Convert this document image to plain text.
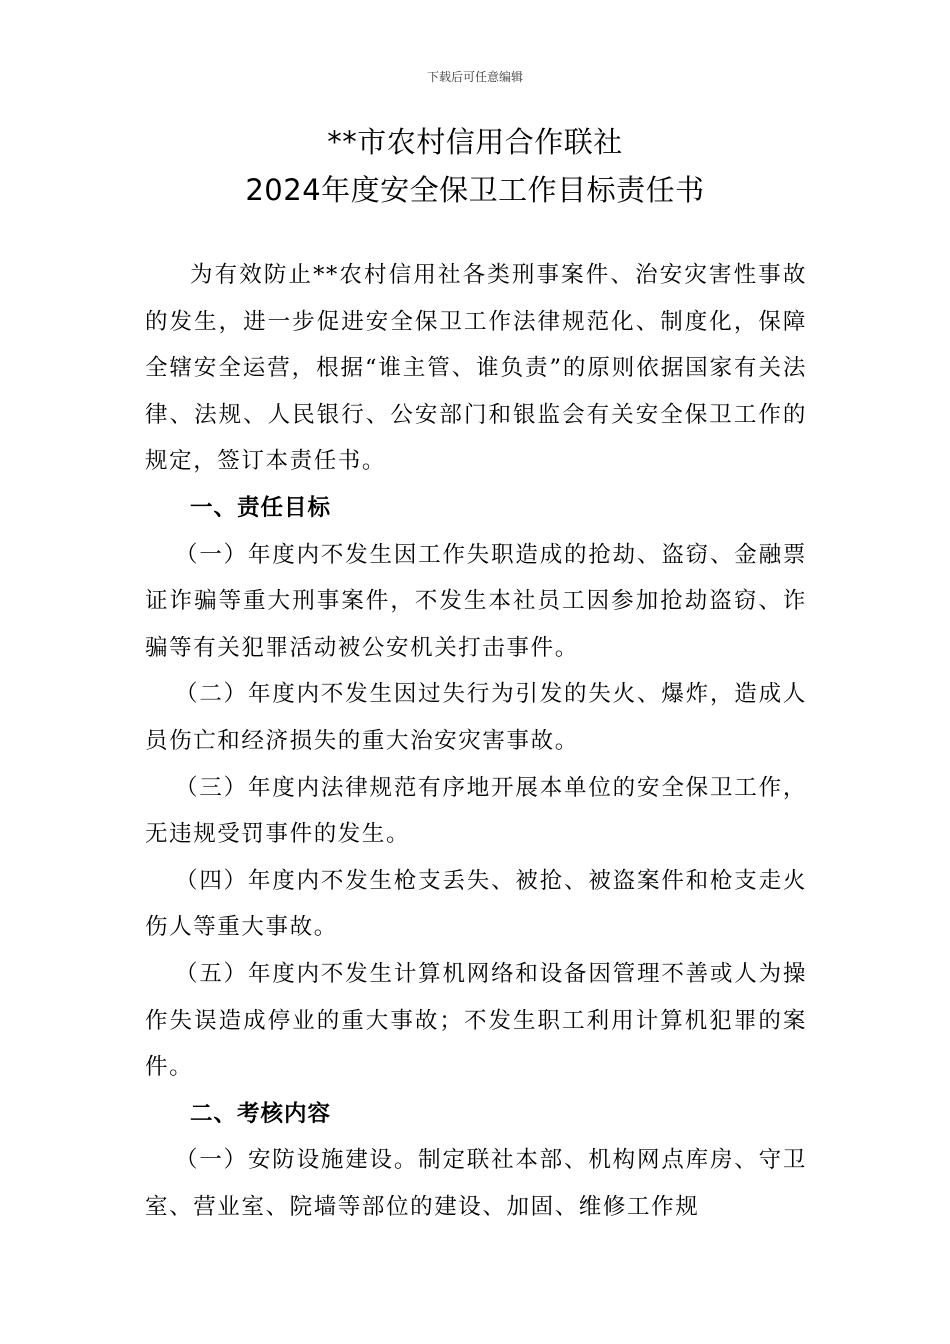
下载后可任意编辑
**市农村信用合作联社
2024年度安全保卫工作目标责任书

为有效防止**农村信用社各类刑事案件、治安灾害性事故的发生，进一步促进安全保卫工作法律规范化、制度化，保障全辖安全运营，根据“谁主管、谁负责”的原则依据国家有关法律、法规、人民银行、公安部门和银监会有关安全保卫工作的规定，签订本责任书。

一、责任目标

（一）年度内不发生因工作失职造成的抢劫、盗窃、金融票证诈骗等重大刑事案件，不发生本社员工因参加抢劫盗窃、诈骗等有关犯罪活动被公安机关打击事件。

（二）年度内不发生因过失行为引发的失火、爆炸，造成人员伤亡和经济损失的重大治安灾害事故。

（三）年度内法律规范有序地开展本单位的安全保卫工作，无违规受罚事件的发生。

（四）年度内不发生枪支丢失、被抢、被盗案件和枪支走火伤人等重大事故。

（五）年度内不发生计算机网络和设备因管理不善或人为操作失误造成停业的重大事故；不发生职工利用计算机犯罪的案件。

二、考核内容

（一）安防设施建设。制定联社本部、机构网点库房、守卫室、营业室、院墙等部位的建设、加固、维修工作规
